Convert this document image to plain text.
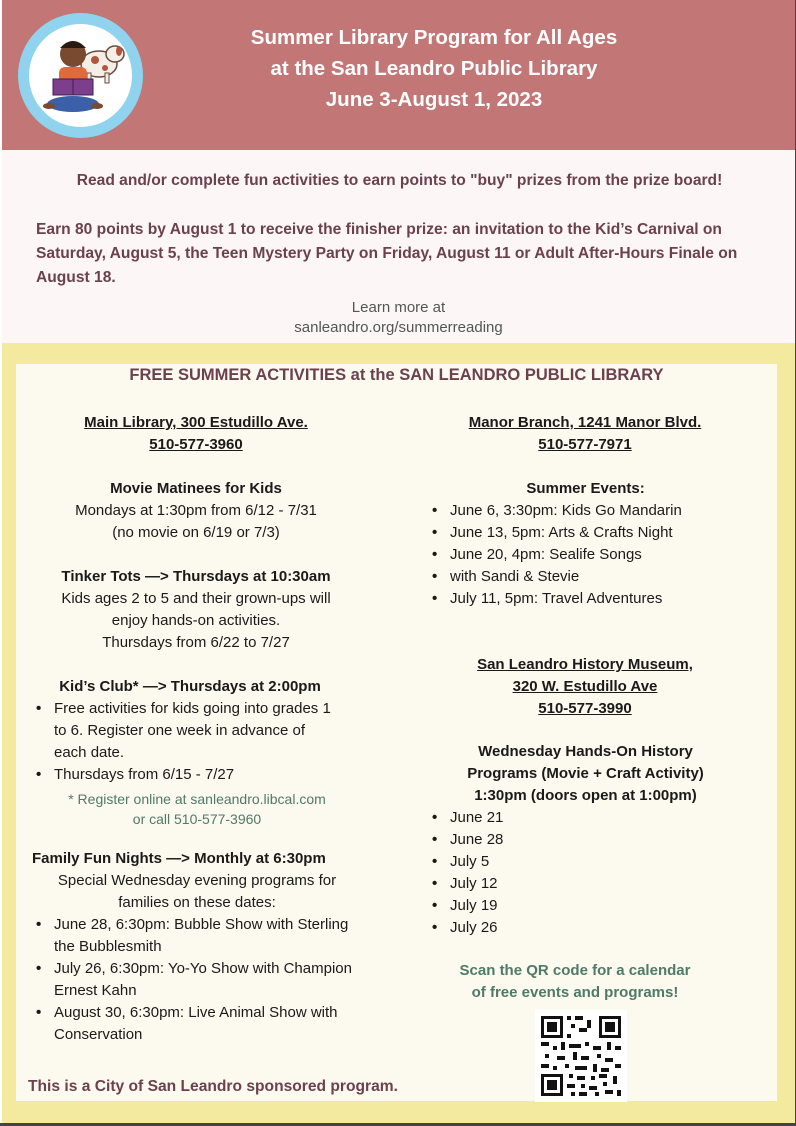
Summer Library Program for All Ages
at the San Leandro Public Library
June 3-August 1, 2023
Read and/or complete fun activities to earn points to "buy" prizes from the prize board!
Earn 80 points by August 1 to receive the finisher prize: an invitation to the Kid’s Carnival on Saturday, August 5, the Teen Mystery Party on Friday, August 11 or Adult After-Hours Finale on August 18.
Learn more at
sanleandro.org/summerreading
FREE SUMMER ACTIVITIES at the SAN LEANDRO PUBLIC LIBRARY
Main Library, 300 Estudillo Ave.
510-577-3960
Movie Matinees for Kids
Mondays at 1:30pm from 6/12 - 7/31
(no movie on 6/19 or 7/3)
Tinker Tots —> Thursdays at 10:30am
Kids ages 2 to 5 and their grown-ups will
enjoy hands-on activities.
Thursdays from 6/22 to 7/27
Kid’s Club* —> Thursdays at 2:00pm
• Free activities for kids going into grades 1 to 6. Register one week in advance of each date.
• Thursdays from 6/15 - 7/27
* Register online at sanleandro.libcal.com
or call 510-577-3960
Family Fun Nights —> Monthly at 6:30pm
Special Wednesday evening programs for
families on these dates:
• June 28, 6:30pm: Bubble Show with Sterling the Bubblesmith
• July 26, 6:30pm: Yo-Yo Show with Champion Ernest Kahn
• August 30, 6:30pm: Live Animal Show with Conservation
Manor Branch, 1241 Manor Blvd.
510-577-7971
Summer Events:
• June 6, 3:30pm: Kids Go Mandarin
• June 13, 5pm: Arts & Crafts Night
• June 20, 4pm: Sealife Songs
• with Sandi & Stevie
• July 11, 5pm: Travel Adventures
San Leandro History Museum,
320 W. Estudillo Ave
510-577-3990
Wednesday Hands-On History
Programs (Movie + Craft Activity)
1:30pm (doors open at 1:00pm)
• June 21
• June 28
• July 5
• July 12
• July 19
• July 26
Scan the QR code for a calendar
of free events and programs!
This is a City of San Leandro sponsored program.
